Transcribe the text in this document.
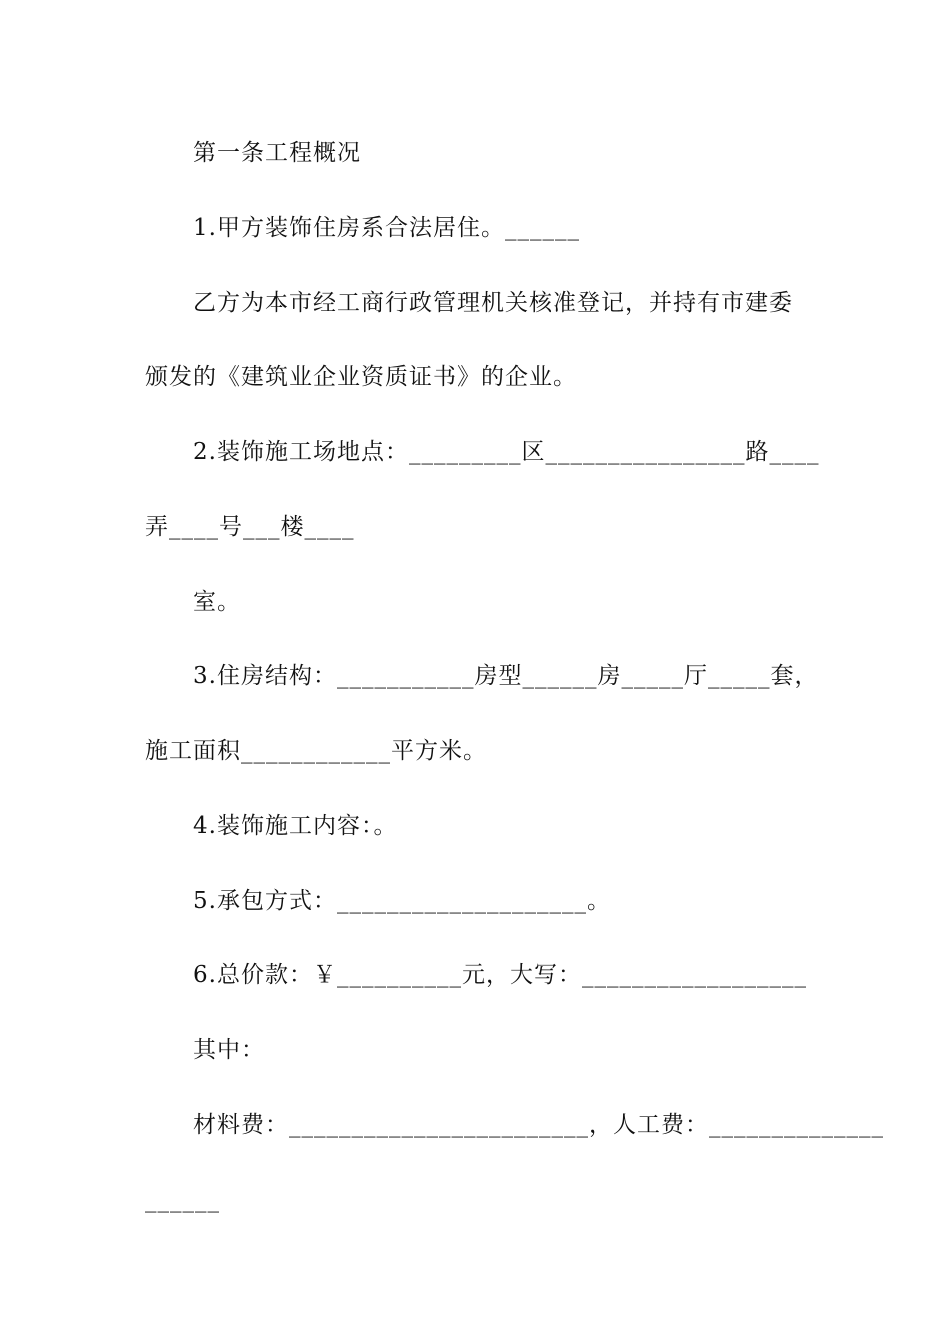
第一条工程概况

1.甲方装饰住房系合法居住。______

乙方为本市经工商行政管理机关核准登记，并持有市建委

颁发的《建筑业企业资质证书》的企业。

2.装饰施工场地点：_________区________________路____

弄____号___楼____

室。

3.住房结构：___________房型______房_____厅_____套，

施工面积____________平方米。

4.装饰施工内容：。

5.承包方式：____________________。

6.总价款：￥__________元，大写：__________________

其中：

材料费：________________________，人工费：______________

______
